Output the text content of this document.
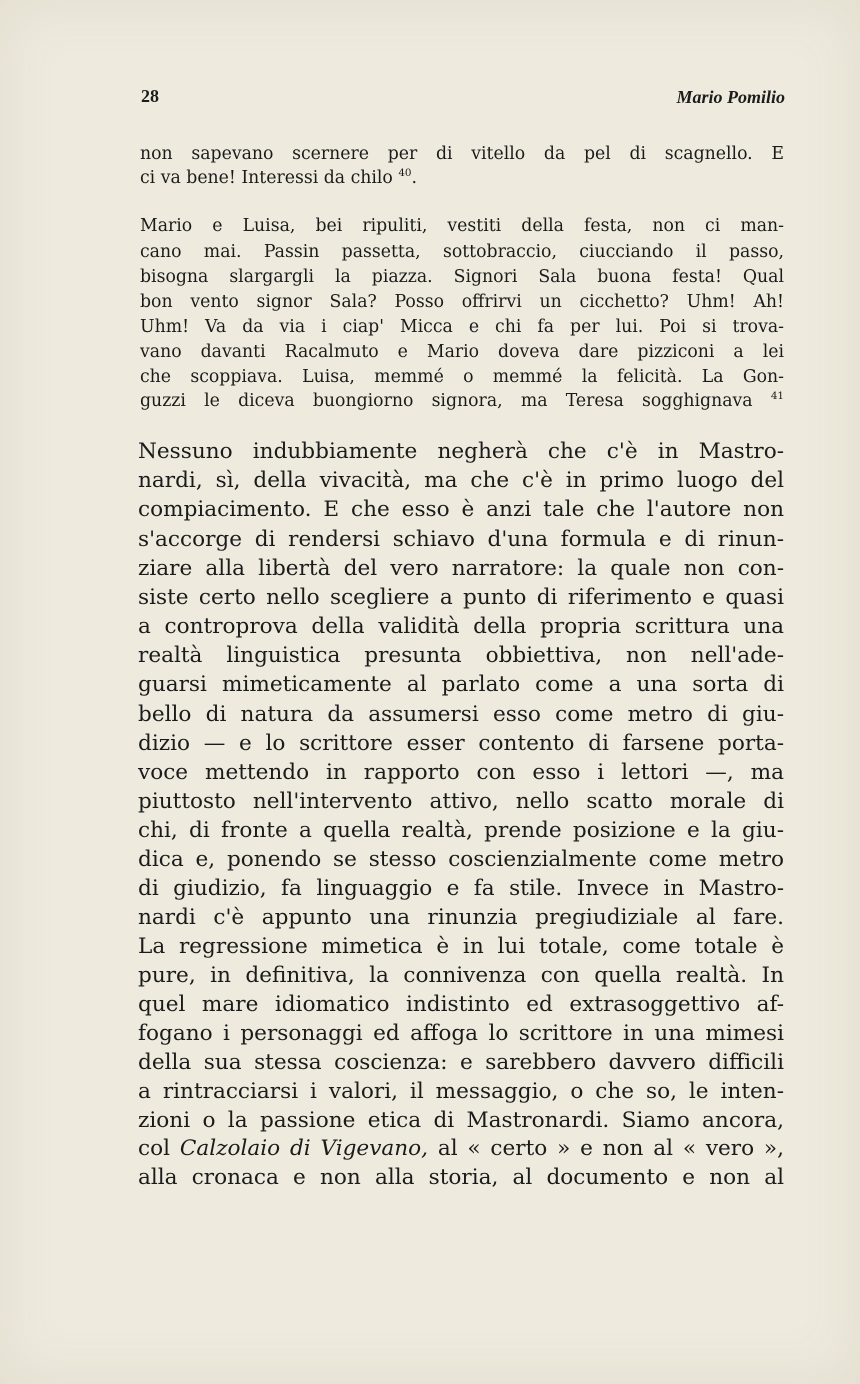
28	Mario Pomilio
non sapevano scernere per di vitello da pel di scagnello. E
ci va bene! Interessi da chilo $^{40}$.
Mario e Luisa, bei ripuliti, vestiti della festa, non ci man-
cano mai. Passin passetta, sottobraccio, ciucciando il passo,
bisogna slargargli la piazza. Signori Sala buona festa! Qual
bon vento signor Sala? Posso offrirvi un cicchetto? Uhm! Ah!
Uhm! Va da via i ciap' Micca e chi fa per lui. Poi si trova-
vano davanti Racalmuto e Mario doveva dare pizziconi a lei
che scoppiava. Luisa, memmé o memmé la felicità. La Gon-
guzzi le diceva buongiorno signora, ma Teresa sogghignava $^{41}$
Nessuno indubbiamente negherà che c'è in Mastro-
nardi, sì, della vivacità, ma che c'è in primo luogo del
compiacimento. E che esso è anzi tale che l'autore non
s'accorge di rendersi schiavo d'una formula e di rinun-
ziare alla libertà del vero narratore: la quale non con-
siste certo nello scegliere a punto di riferimento e quasi
a controprova della validità della propria scrittura una
realtà linguistica presunta obbiettiva, non nell'ade-
guarsi mimeticamente al parlato come a una sorta di
bello di natura da assumersi esso come metro di giu-
dizio — e lo scrittore esser contento di farsene porta-
voce mettendo in rapporto con esso i lettori —, ma
piuttosto nell'intervento attivo, nello scatto morale di
chi, di fronte a quella realtà, prende posizione e la giu-
dica e, ponendo se stesso coscienzialmente come metro
di giudizio, fa linguaggio e fa stile. Invece in Mastro-
nardi c'è appunto una rinunzia pregiudiziale al fare.
La regressione mimetica è in lui totale, come totale è
pure, in definitiva, la connivenza con quella realtà. In
quel mare idiomatico indistinto ed extrasoggettivo af-
fogano i personaggi ed affoga lo scrittore in una mimesi
della sua stessa coscienza: e sarebbero davvero difficili
a rintracciarsi i valori, il messaggio, o che so, le inten-
zioni o la passione etica di Mastronardi. Siamo ancora,
col Calzolaio di Vigevano, al « certo » e non al « vero »,
alla cronaca e non alla storia, al documento e non al
